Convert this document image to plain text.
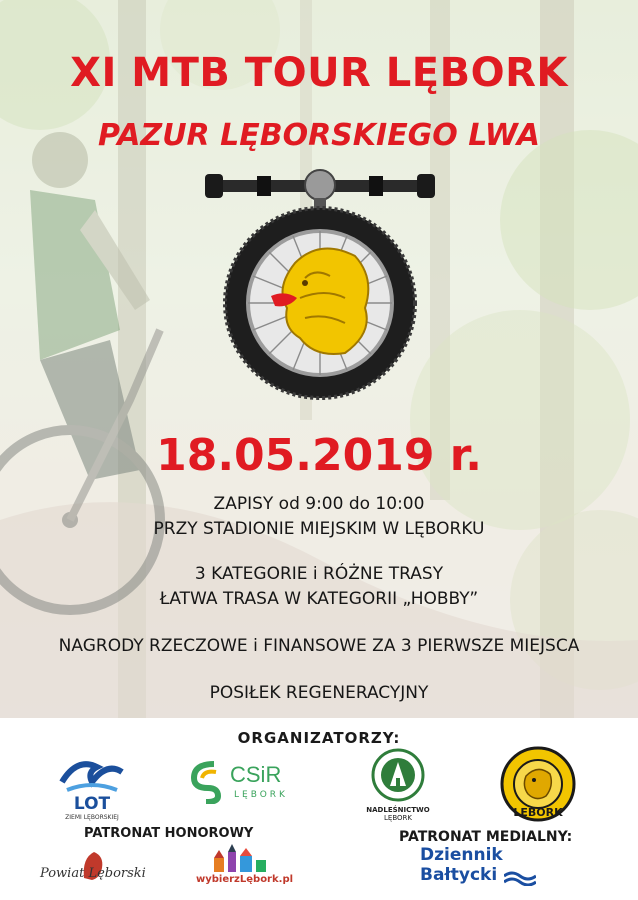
XI MTB TOUR LĘBORK
PAZUR LĘBORSKIEGO LWA
18.05.2019 r.

ZAPISY od 9:00 do 10:00

PRZY STADIONIE MIEJSKIM W LĘBORKU

3 KATEGORIE i RÓŻNE TRASY

ŁATWA TRASA W KATEGORII „HOBBY”

NAGRODY RZECZOWE i FINANSOWE ZA 3 PIERWSZE MIEJSCA

POSIŁEK REGENERACYJNY

ORGANIZATORZY:
LOT
ZIEMI LĘBORSKIEJ
CSiR
LĘBORK
NADLEŚNICTWO
LĘBORK	LĘBORK
PATRONAT HONOROWY	PATRONAT MEDIALNY:
Powiat Lęborski	wybierzLębork.pl
Dziennik
Bałtycki
